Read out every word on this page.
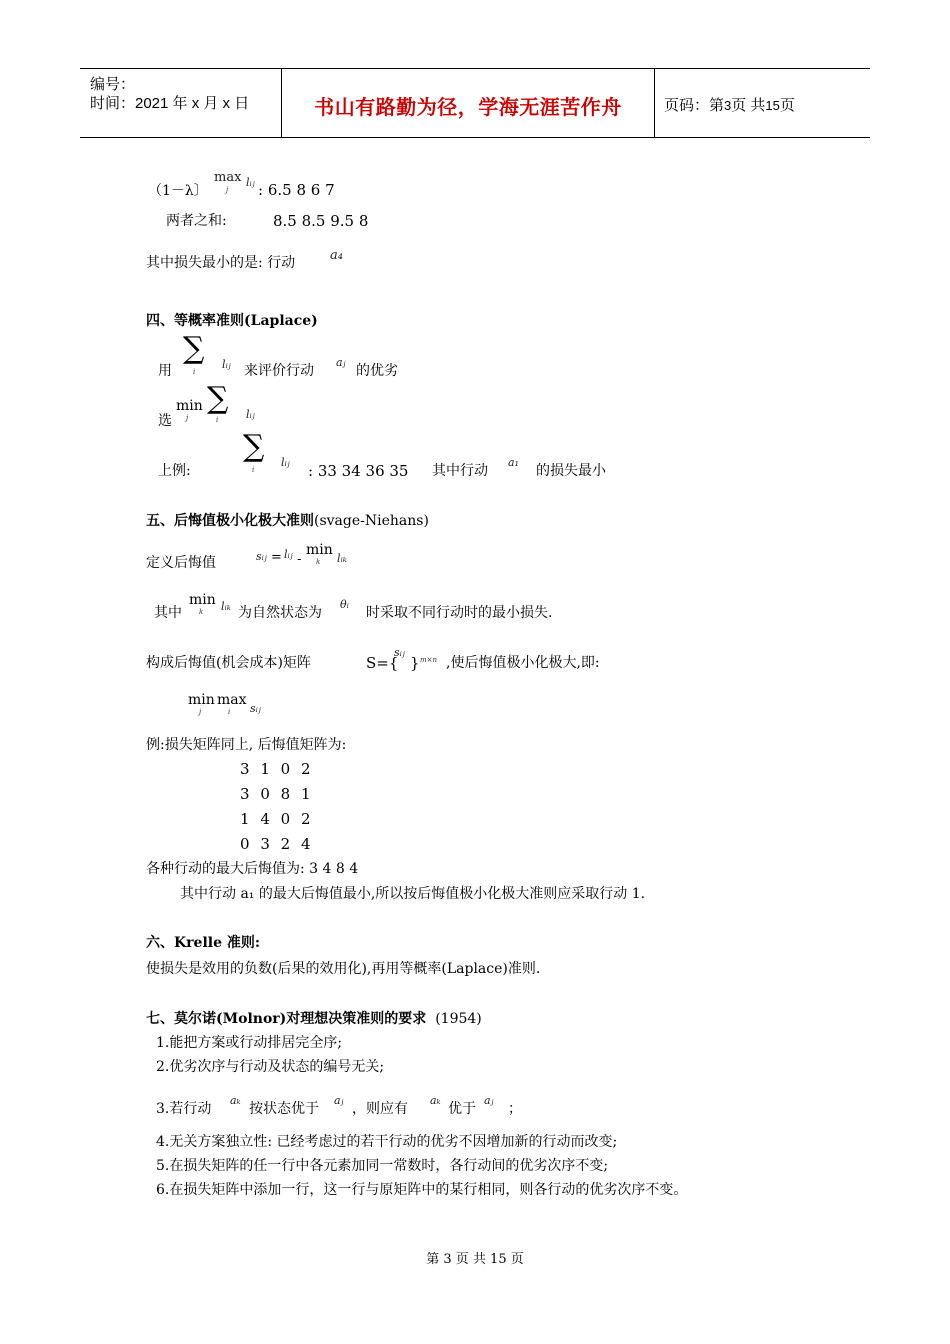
编号：
时间：2021 年 x 月 x 日	书山有路勤为径，学海无涯苦作舟	页码：第3页 共15页
（1－λ〕
max
j
lᵢⱼ : 6.5 8 6 7
两者之和:	8.5 8.5 9.5 8
其中损失最小的是: 行动	a₄
四、等概率准则(Laplace)
用
∑
i
lᵢⱼ 来评价行动
aⱼ
的优劣
选
min
j
∑
i	lᵢⱼ
上例:
∑
i
lᵢⱼ : 33 34 36 35 其中行动
a₁
的损失最小
五、后悔值极小化极大准则(svage-Niehans)
定义后悔值	sᵢⱼ = lᵢⱼ -
min
k lᵢₖ
其中
min
k lᵢₖ 为自然状态为
θᵢ
时采取不同行动时的最小损失.
构成后悔值(机会成本)矩阵	S={
sᵢⱼ
} m×n ,使后悔值极小化极大,即:
min
j
max
i sᵢⱼ
例:损失矩阵同上, 后悔值矩阵为:
3 1 0 2
3 0 8 1
1 4 0 2
0 3 2 4
各种行动的最大后悔值为: 3 4 8 4
其中行动 a₁ 的最大后悔值最小,所以按后悔值极小化极大准则应采取行动 1.
六、Krelle 准则:
使损失是效用的负数(后果的效用化),再用等概率(Laplace)准则.
七、莫尔诺(Molnor)对理想决策准则的要求 (1954)
1.能把方案或行动排居完全序;
2.优劣次序与行动及状态的编号无关;
3.若行动
aₖ
按状态优于
aⱼ
，则应有
aₖ
优于
aⱼ
；
4.无关方案独立性: 已经考虑过的若干行动的优劣不因增加新的行动而改变;
5.在损失矩阵的任一行中各元素加同一常数时，各行动间的优劣次序不变;
6.在损失矩阵中添加一行，这一行与原矩阵中的某行相同，则各行动的优劣次序不变。
第 3 页 共 15 页
